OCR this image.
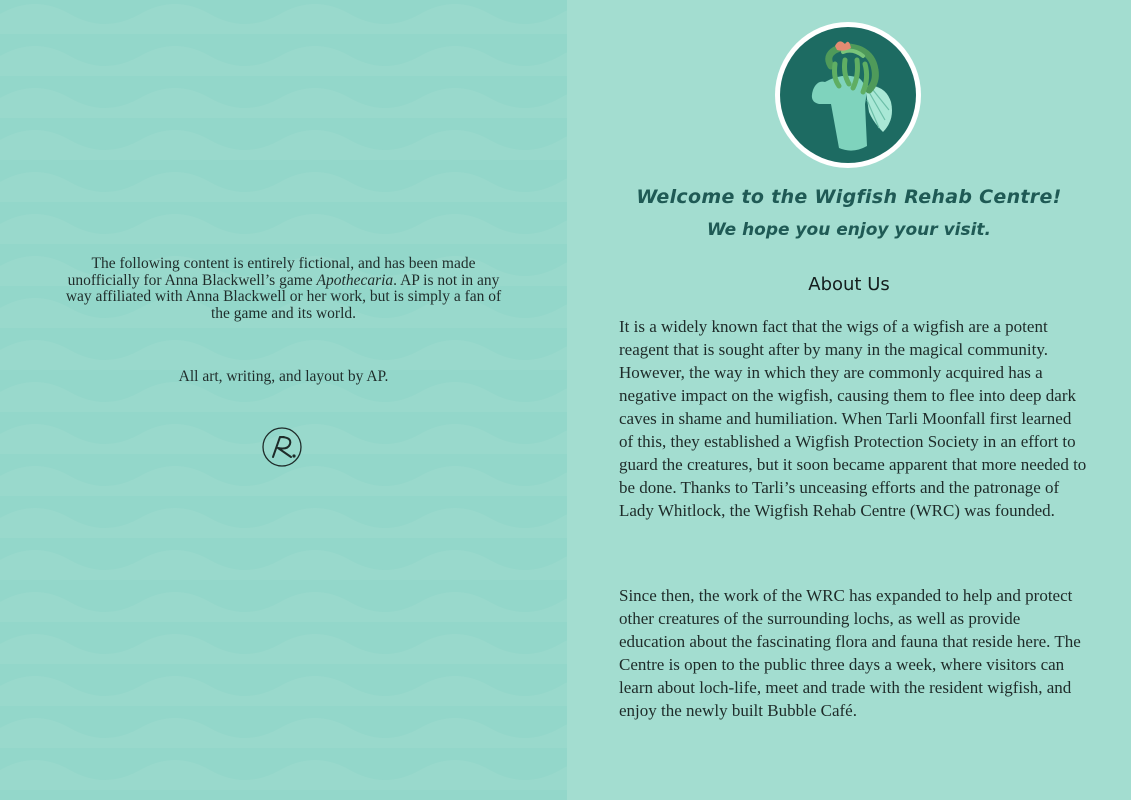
The following content is entirely fictional, and has been made unofficially for Anna Blackwell’s game Apothecaria. AP is not in any way affiliated with Anna Blackwell or her work, but is simply a fan of the game and its world.
All art, writing, and layout by AP.
Welcome to the Wigfish Rehab Centre!
We hope you enjoy your visit.
About Us

It is a widely known fact that the wigs of a wigfish are a potent reagent that is sought after by many in the magical community. However, the way in which they are commonly acquired has a negative impact on the wigfish, causing them to flee into deep dark caves in shame and humiliation. When Tarli Moonfall first learned of this, they established a Wigfish Protection Society in an effort to guard the creatures, but it soon became apparent that more needed to be done. Thanks to Tarli’s unceasing efforts and the patronage of Lady Whitlock, the Wigfish Rehab Centre (WRC) was founded.

Since then, the work of the WRC has expanded to help and protect other creatures of the surrounding lochs, as well as provide education about the fascinating flora and fauna that reside here. The Centre is open to the public three days a week, where visitors can learn about loch-life, meet and trade with the resident wigfish, and enjoy the newly built Bubble Café.
